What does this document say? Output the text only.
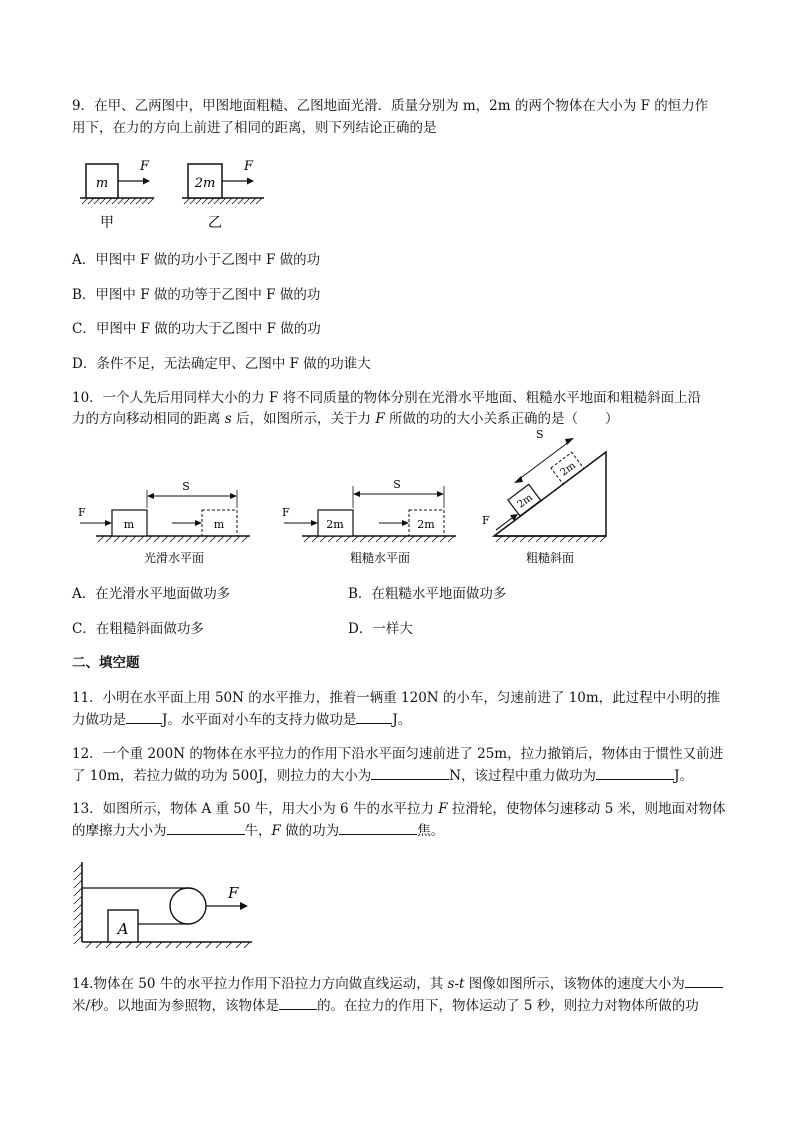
9．在甲、乙两图中，甲图地面粗糙、乙图地面光滑．质量分别为 m，2m 的两个物体在大小为 F 的恒力作
用下，在力的方向上前进了相同的距离，则下列结论正确的是
m
F
甲
2m
F
乙
A．甲图中 F 做的功小于乙图中 F 做的功
B．甲图中 F 做的功等于乙图中 F 做的功
C．甲图中 F 做的功大于乙图中 F 做的功
D．条件不足，无法确定甲、乙图中 F 做的功谁大
10．一个人先后用同样大小的力 F 将不同质量的物体分别在光滑水平地面、粗糙水平地面和粗糙斜面上沿
力的方向移动相同的距离 s 后，如图所示，关于力 F 所做的功的大小关系正确的是（　　）
m
F
m
S
光滑水平面
2m
F
2m
S
粗糙水平面
2m
2m
F
S
粗糙斜面
A．在光滑水平地面做功多	B．在粗糙水平地面做功多
C．在粗糙斜面做功多	D．一样大
二、填空题
11．小明在水平面上用 50N 的水平推力，推着一辆重 120N 的小车，匀速前进了 10m，此过程中小明的推
力做功是	J。水平面对小车的支持力做功是	J。
12．一个重 200N 的物体在水平拉力的作用下沿水平面匀速前进了 25m，拉力撤销后，物体由于惯性又前进
了 10m，若拉力做的功为 500J，则拉力的大小为	N，该过程中重力做功为	J。
13．如图所示，物体 A 重 50 牛，用大小为 6 牛的水平拉力 F 拉滑轮，使物体匀速移动 5 米，则地面对物体
的摩擦力大小为	牛，F 做的功为	焦。
F
A
14.物体在 50 牛的水平拉力作用下沿拉力方向做直线运动，其 s-t 图像如图所示，该物体的速度大小为
米/秒。以地面为参照物，该物体是	的。在拉力的作用下，物体运动了 5 秒，则拉力对物体所做的功
